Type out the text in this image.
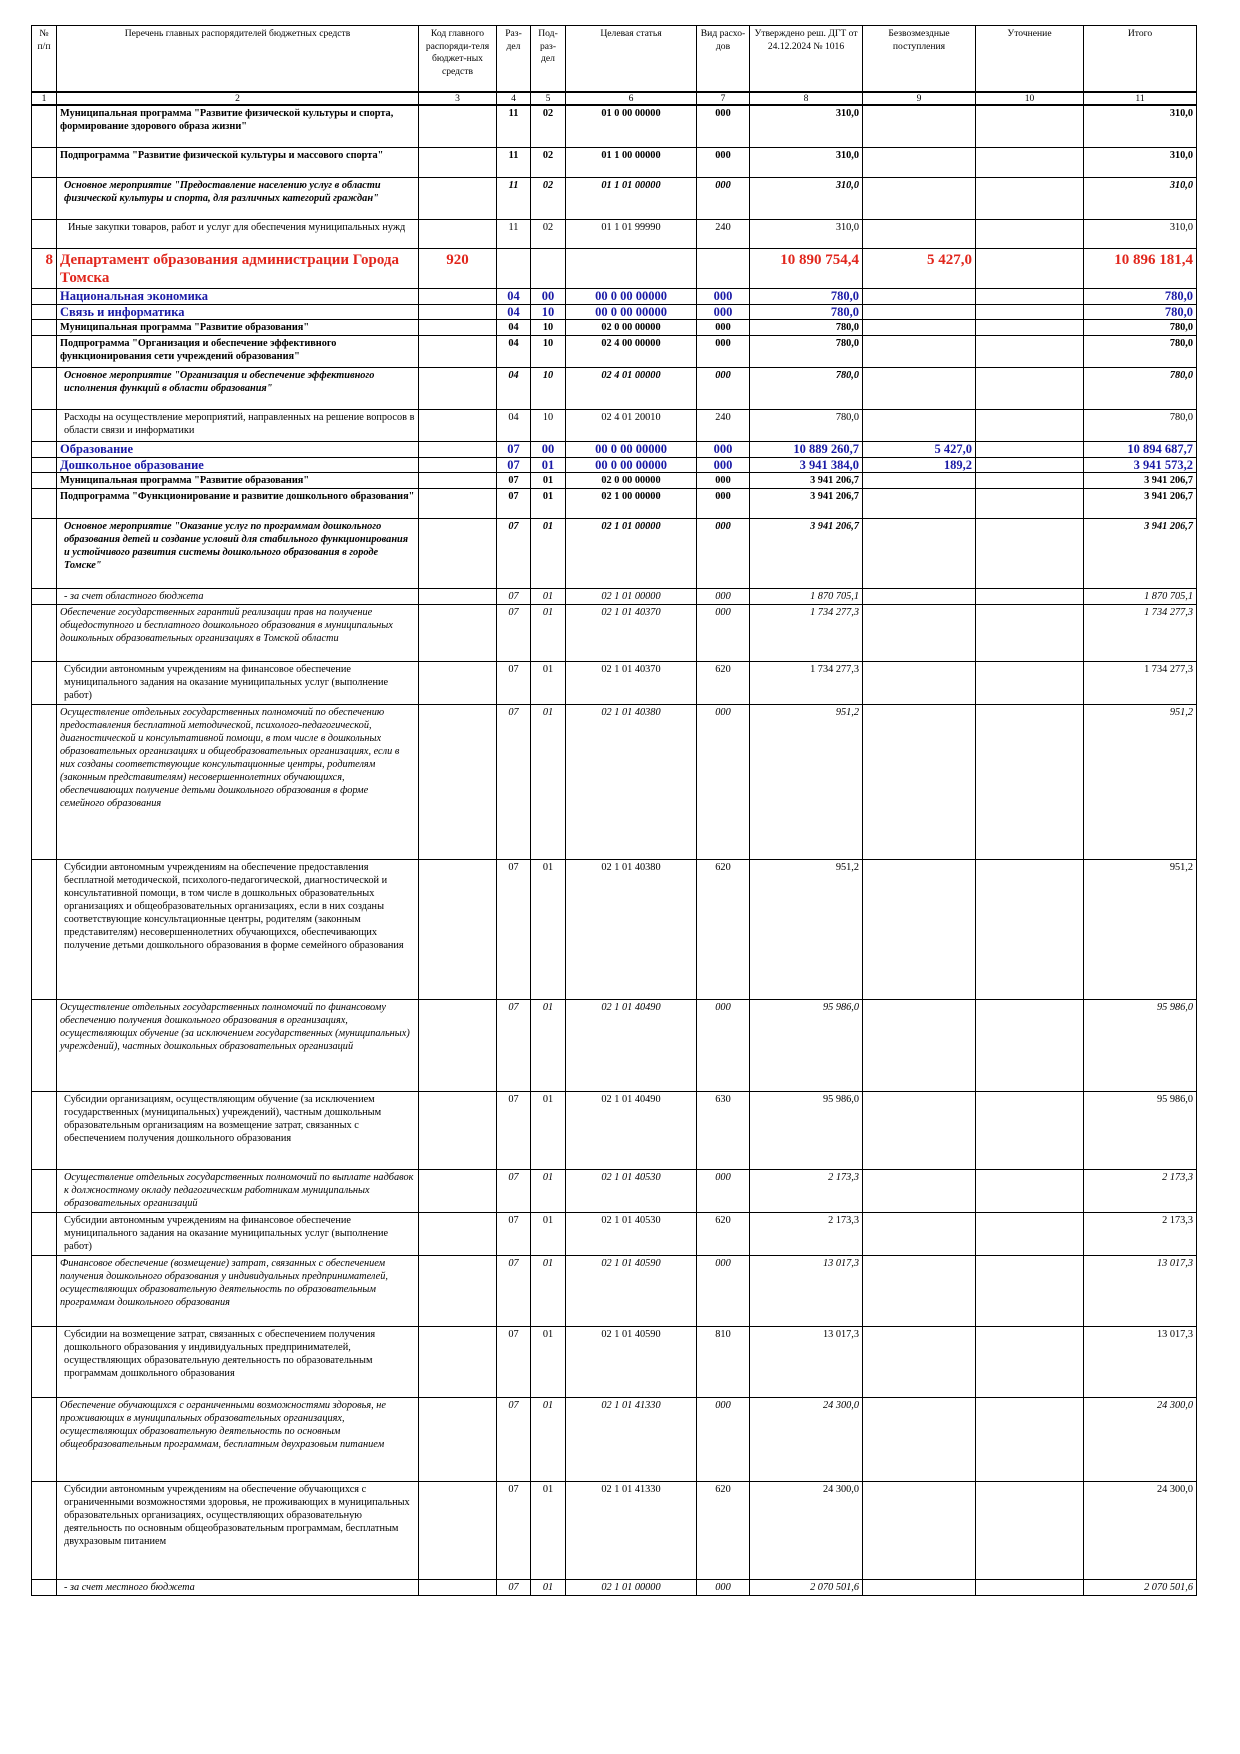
№ п/п	Перечень главных распорядителей бюджетных средств	Код главного распоряди-теля бюджет-ных средств	Раз-дел	Под-раз-дел	Целевая статья	Вид расхо-дов	Утверждено реш. ДГТ от 24.12.2024 № 1016	Безвозмездные поступления	Уточнение	Итого
1	2	3	4	5	6	7	8	9	10	11
	Муниципальная программа "Развитие физической культуры и спорта, формирование здорового образа жизни"		11	02	01 0 00 00000	000	310,0			310,0
	Подпрограмма "Развитие физической культуры и массового спорта"		11	02	01 1 00 00000	000	310,0			310,0

	Основное мероприятие "Предоставление населению услуг в области физической культуры и спорта, для различных категорий граждан"		11	02	01 1 01 00000	000	310,0			310,0

	Иные закупки товаров, работ и услуг для обеспечения муниципальных нужд		11	02	01 1 01 99990	240	310,0			310,0
8	Департамент образования администрации Города Томска	920					10 890 754,4	5 427,0		10 896 181,4
	Национальная экономика		04	00	00 0 00 00000	000	780,0			780,0
	Связь и информатика		04	10	00 0 00 00000	000	780,0			780,0
	Муниципальная программа "Развитие образования"		04	10	02 0 00 00000	000	780,0			780,0
	Подпрограмма "Организация и обеспечение эффективного функционирования сети учреждений образования"		04	10	02 4 00 00000	000	780,0			780,0

	Основное мероприятие "Организация и обеспечение эффективного исполнения функций в области образования"		04	10	02 4 01 00000	000	780,0			780,0

	Расходы на осуществление мероприятий, направленных на решение вопросов в области связи и информатики		04	10	02 4 01 20010	240	780,0			780,0
	Образование		07	00	00 0 00 00000	000	10 889 260,7	5 427,0		10 894 687,7
	Дошкольное образование		07	01	00 0 00 00000	000	3 941 384,0	189,2		3 941 573,2
	Муниципальная программа "Развитие образования"		07	01	02 0 00 00000	000	3 941 206,7			3 941 206,7
	Подпрограмма "Функционирование и развитие дошкольного образования"		07	01	02 1 00 00000	000	3 941 206,7			3 941 206,7

	Основное мероприятие "Оказание услуг по программам дошкольного образования детей и создание условий для стабильного функционирования и устойчивого развития системы дошкольного образования в городе Томске"		07	01	02 1 01 00000	000	3 941 206,7			3 941 206,7

	- за счет областного бюджета		07	01	02 1 01 00000	000	1 870 705,1			1 870 705,1
	Обеспечение государственных гарантий реализации прав на получение общедоступного и бесплатного дошкольного образования в муниципальных дошкольных образовательных организациях в Томской области		07	01	02 1 01 40370	000	1 734 277,3			1 734 277,3

	Субсидии автономным учреждениям на финансовое обеспечение муниципального задания на оказание муниципальных услуг (выполнение работ)		07	01	02 1 01 40370	620	1 734 277,3			1 734 277,3
	Осуществление отдельных государственных полномочий по обеспечению предоставления бесплатной методической, психолого-педагогической, диагностической и консультативной помощи, в том числе в дошкольных образовательных организациях и общеобразовательных организациях, если в них созданы соответствующие консультационные центры, родителям (законным представителям) несовершеннолетних обучающихся, обеспечивающих получение детьми дошкольного образования в форме семейного образования		07	01	02 1 01 40380	000	951,2			951,2

	Субсидии автономным учреждениям на обеспечение предоставления бесплатной методической, психолого-педагогической, диагностической и консультативной помощи, в том числе в дошкольных образовательных организациях и общеобразовательных организациях, если в них созданы соответствующие консультационные центры, родителям (законным представителям) несовершеннолетних обучающихся, обеспечивающих получение детьми дошкольного образования в форме семейного образования		07	01	02 1 01 40380	620	951,2			951,2
	Осуществление отдельных государственных полномочий по финансовому обеспечению получения дошкольного образования в организациях, осуществляющих обучение (за исключением государственных (муниципальных) учреждений), частных дошкольных образовательных организаций		07	01	02 1 01 40490	000	95 986,0			95 986,0

	Субсидии организациям, осуществляющим обучение (за исключением государственных (муниципальных) учреждений), частным дошкольным образовательным организациям на возмещение затрат, связанных с обеспечением получения дошкольного образования		07	01	02 1 01 40490	630	95 986,0			95 986,0

	Осуществление отдельных государственных полномочий по выплате надбавок к должностному окладу педагогическим работникам муниципальных образовательных организаций		07	01	02 1 01 40530	000	2 173,3			2 173,3

	Субсидии автономным учреждениям на финансовое обеспечение муниципального задания на оказание муниципальных услуг (выполнение работ)		07	01	02 1 01 40530	620	2 173,3			2 173,3
	Финансовое обеспечение (возмещение) затрат, связанных с обеспечением получения дошкольного образования у индивидуальных предпринимателей, осуществляющих образовательную деятельность по образовательным программам дошкольного образования		07	01	02 1 01 40590	000	13 017,3			13 017,3

	Субсидии на возмещение затрат, связанных с обеспечением получения дошкольного образования у индивидуальных предпринимателей, осуществляющих образовательную деятельность по образовательным программам дошкольного образования		07	01	02 1 01 40590	810	13 017,3			13 017,3
	Обеспечение обучающихся с ограниченными возможностями здоровья, не проживающих в муниципальных образовательных организациях, осуществляющих образовательную деятельность по основным общеобразовательным программам, бесплатным двухразовым питанием		07	01	02 1 01 41330	000	24 300,0			24 300,0

	Субсидии автономным учреждениям на обеспечение обучающихся с ограниченными возможностями здоровья, не проживающих в муниципальных образовательных организациях, осуществляющих образовательную деятельность по основным общеобразовательным программам, бесплатным двухразовым питанием		07	01	02 1 01 41330	620	24 300,0			24 300,0

	- за счет местного бюджета		07	01	02 1 01 00000	000	2 070 501,6			2 070 501,6
